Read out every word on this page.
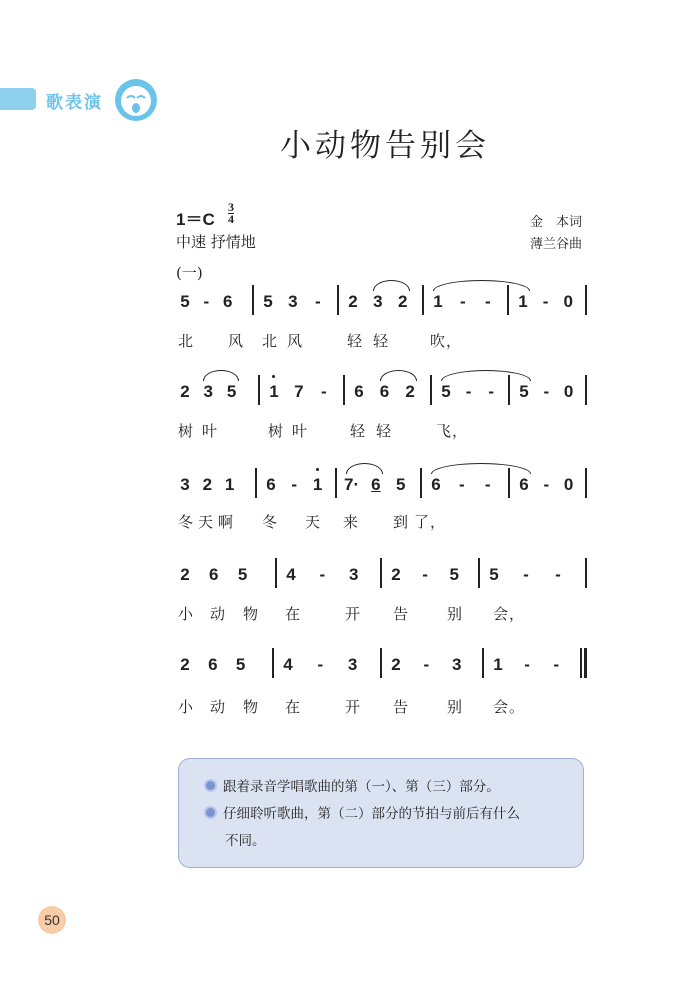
歌表演
小动物告别会
$1=C \frac{3}{4}$
中速 抒情地
金　本词
薄兰谷曲
(一)
5 - 6 5 3 - 2 3 2 1 - - 1 - 0
北 风 北 风	轻 轻	吹 ，
2 3 5 1 7 - 6 6 2 5 - - 5 - 0
树 叶	树 叶	轻 轻	飞 ，
3 2 1 6 - 1 7· 6 5 6 - - 6 - 0
冬 天 啊 冬 天 来 到 了 ，
2 6 5 4 - 3 2 - 5 5 - -
小 动 物 在	开 告	别 会 ，
2 6 5 4 - 3 2 - 3 1 - -
小 动 物 在	开 告	别 会 。
跟着录音学唱歌曲的第（一）、第（三）部分。
仔细聆听歌曲，第（二）部分的节拍与前后有什么
不同。
50
